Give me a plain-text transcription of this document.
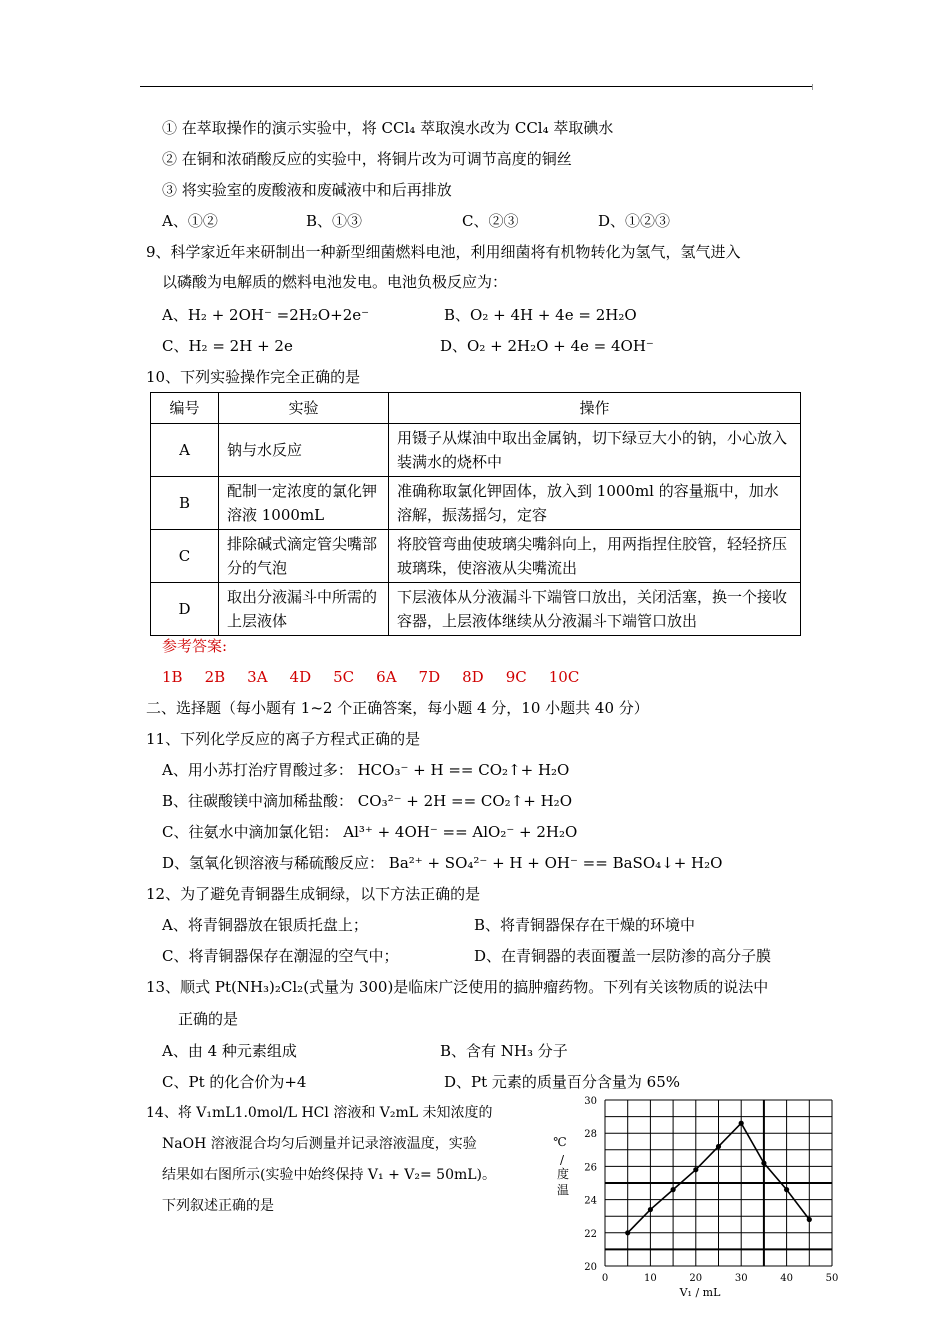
① 在萃取操作的演示实验中，将 CCl₄ 萃取溴水改为 CCl₄ 萃取碘水
② 在铜和浓硝酸反应的实验中，将铜片改为可调节高度的铜丝
③ 将实验室的废酸液和废碱液中和后再排放
A、①②	B、①③	C、②③	D、①②③
9、科学家近年来研制出一种新型细菌燃料电池，利用细菌将有机物转化为氢气，氢气进入
以磷酸为电解质的燃料电池发电。电池负极反应为：
A、H₂ + 2OH⁻ =2H₂O+2e⁻	B、O₂ + 4H + 4e = 2H₂O
C、H₂ = 2H + 2e	D、O₂ + 2H₂O + 4e = 4OH⁻
10、下列实验操作完全正确的是
编号	实验	操作
A	钠与水反应	用镊子从煤油中取出金属钠，切下绿豆大小的钠，小心放入装满水的烧杯中
B	配制一定浓度的氯化钾溶液 1000mL	准确称取氯化钾固体，放入到 1000ml 的容量瓶中，加水溶解，振荡摇匀，定容
C	排除碱式滴定管尖嘴部分的气泡	将胶管弯曲使玻璃尖嘴斜向上，用两指捏住胶管，轻轻挤压玻璃珠，使溶液从尖嘴流出
D	取出分液漏斗中所需的上层液体	下层液体从分液漏斗下端管口放出，关闭活塞，换一个接收容器，上层液体继续从分液漏斗下端管口放出
参考答案:
1B 2B 3A 4D 5C 6A 7D 8D 9C 10C
二、选择题（每小题有 1~2 个正确答案，每小题 4 分，10 小题共 40 分）
11、下列化学反应的离子方程式正确的是
A、用小苏打治疗胃酸过多： HCO₃⁻ + H == CO₂↑+ H₂O
B、往碳酸镁中滴加稀盐酸： CO₃²⁻ + 2H == CO₂↑+ H₂O
C、往氨水中滴加氯化铝： Al³⁺ + 4OH⁻ == AlO₂⁻ + 2H₂O
D、氢氧化钡溶液与稀硫酸反应： Ba²⁺ + SO₄²⁻ + H + OH⁻ == BaSO₄↓+ H₂O
12、为了避免青铜器生成铜绿，以下方法正确的是
A、将青铜器放在银质托盘上；	B、将青铜器保存在干燥的环境中
C、将青铜器保存在潮湿的空气中；	D、在青铜器的表面覆盖一层防渗的高分子膜
13、顺式 Pt(NH₃)₂Cl₂(式量为 300)是临床广泛使用的搞肿瘤药物。下列有关该物质的说法中
正确的是
A、由 4 种元素组成	B、含有 NH₃ 分子
C、Pt 的化合价为+4	D、Pt 元素的质量百分含量为 65%
14、将 V₁mL1.0mol/L HCl 溶液和 V₂mL 未知浓度的
NaOH 溶液混合均匀后测量并记录溶液温度，实验
结果如右图所示(实验中始终保持 V₁ + V₂= 50mL)。
下列叙述正确的是
0	10	20	30	40	50
20
22
24
26
28
30
V₁ / mL
℃
/
度
温
